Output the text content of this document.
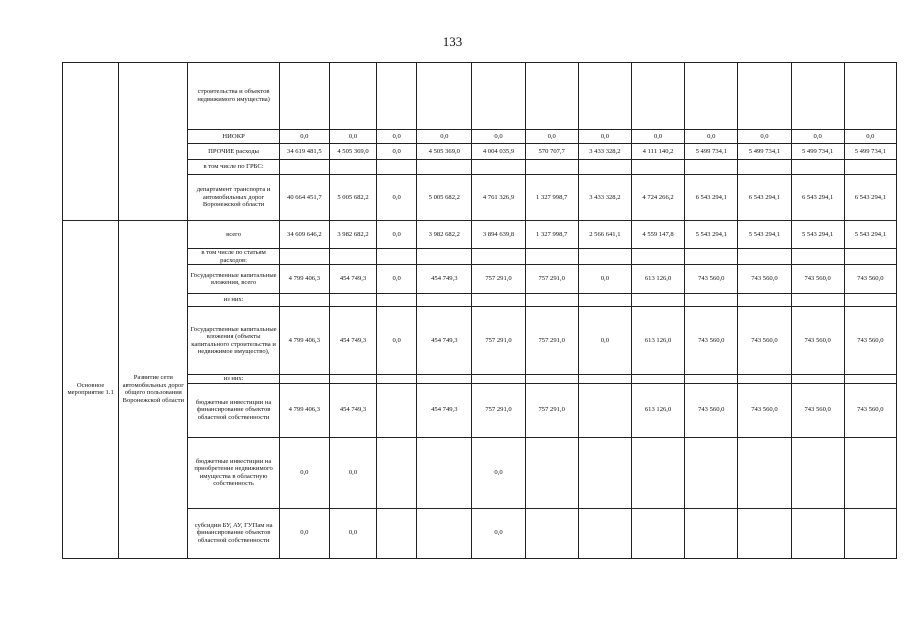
133
		строительства и объектов недвижимого имущества)												
		НИОКР	0,0	0,0	0,0	0,0	0,0	0,0	0,0	0,0	0,0	0,0	0,0	0,0
		ПРОЧИЕ расходы	34 619 481,5	4 505 369,0	0,0	4 505 369,0	4 004 035,9	570 707,7	3 433 328,2	4 111 140,2	5 499 734,1	5 499 734,1	5 499 734,1	5 499 734,1
		в том числе по ГРБС:												
		департамент транспорта и автомобильных дорог Воронежской области	40 664 451,7	5 005 682,2	0,0	5 005 682,2	4 761 326,9	1 327 998,7	3 433 328,2	4 724 266,2	6 543 294,1	6 543 294,1	6 543 294,1	6 543 294,1
Основное мероприятие 1.1	Развитие сети автомобильных дорог общего пользования Воронежской области	всего	34 609 646,2	3 982 682,2	0,0	3 982 682,2	3 894 639,8	1 327 998,7	2 566 641,1	4 559 147,8	5 543 294,1	5 543 294,1	5 543 294,1	5 543 294,1
		в том числе по статьям расходов:												
		Государственные капитальные вложения, всего	4 799 406,3	454 749,3	0,0	454 749,3	757 291,0	757 291,0	0,0	613 126,0	743 560,0	743 560,0	743 560,0	743 560,0
		из них:												
		Государственные капитальные вложения (объекты капитального строительства и недвижимое имущество),	4 799 406,3	454 749,3	0,0	454 749,3	757 291,0	757 291,0	0,0	613 126,0	743 560,0	743 560,0	743 560,0	743 560,0
		из них:												
		бюджетные инвестиции на финансирование объектов областной собственности	4 799 406,3	454 749,3		454 749,3	757 291,0	757 291,0		613 126,0	743 560,0	743 560,0	743 560,0	743 560,0
		бюджетные инвестиции на приобретение недвижимого имущества в областную собственность	0,0	0,0			0,0							
		субсидии БУ, АУ, ГУПам на финансирование объектов областной собственности	0,0	0,0			0,0							
